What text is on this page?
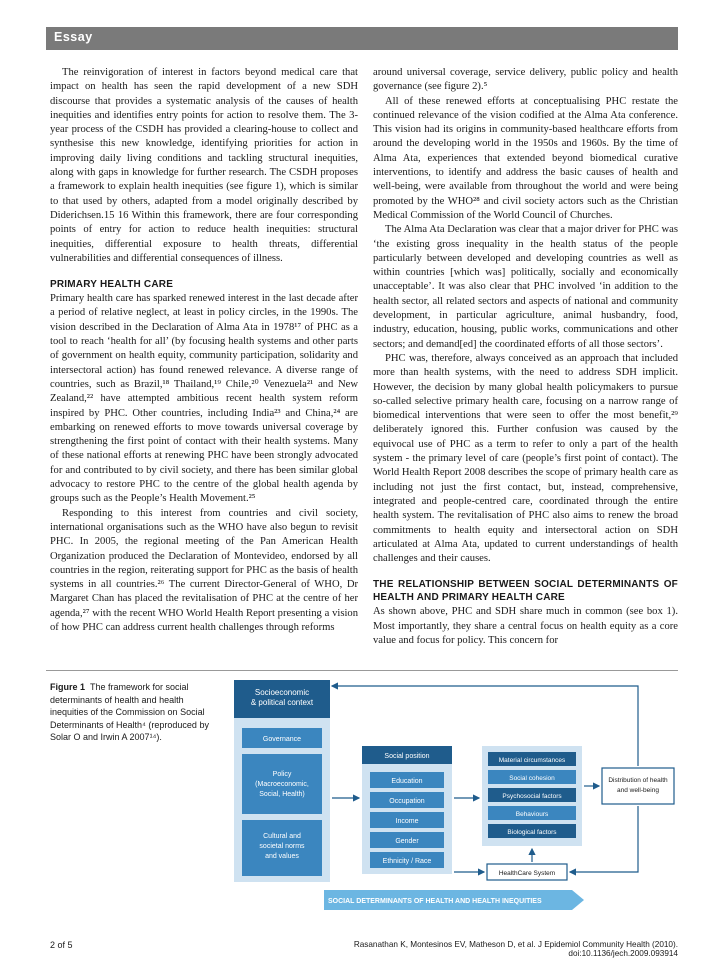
Essay

The reinvigoration of interest in factors beyond medical care that impact on health has seen the rapid development of a new SDH discourse that provides a systematic analysis of the causes of health inequities and identifies entry points for action to resolve them. The 3-year process of the CSDH has provided a clearing-house to collect and synthesise this new knowledge, identifying priorities for action in improving daily living conditions and tackling structural inequities, along with gaps in knowledge for further research. The CSDH proposes a framework to explain health inequities (see figure 1), which is similar to that used by others, adapted from a model originally described by Diderichsen.15 16 Within this framework, there are four corresponding points of entry for action to reduce health inequities: structural inequities, differential exposure to health threats, differential vulnerabilities and differential consequences of illness.

PRIMARY HEALTH CARE

Primary health care has sparked renewed interest in the last decade after a period of relative neglect, at least in policy circles, in the 1990s. The vision described in the Declaration of Alma Ata in 1978¹⁷ of PHC as a tool to reach ‘health for all’ (by focusing health systems and other parts of government on health equity, community participation, solidarity and intersectoral action) has found renewed relevance. A diverse range of countries, such as Brazil,¹⁸ Thailand,¹⁹ Chile,²⁰ Venezuela²¹ and New Zealand,²² have attempted ambitious recent health system reform inspired by PHC. Other countries, including India²³ and China,²⁴ are embarking on renewed efforts to move towards universal coverage by strengthening the first point of contact with their health systems. Many of these national efforts at renewing PHC have been strongly advocated for and contributed to by civil society, and there has been similar global advocacy to restore PHC to the centre of the global health agenda by groups such as the People’s Health Movement.²⁵

Responding to this interest from countries and civil society, international organisations such as the WHO have also begun to revisit PHC. In 2005, the regional meeting of the Pan American Health Organization produced the Declaration of Montevideo, endorsed by all countries in the region, reiterating support for PHC as the basis of health systems in all countries.²⁶ The current Director-General of WHO, Dr Margaret Chan has placed the revitalisation of PHC at the centre of her agenda,²⁷ with the recent WHO World Health Report presenting a vision of how PHC can address current health challenges through reforms

around universal coverage, service delivery, public policy and health governance (see figure 2).⁵

All of these renewed efforts at conceptualising PHC restate the continued relevance of the vision codified at the Alma Ata conference. This vision had its origins in community-based healthcare efforts from around the developing world in the 1950s and 1960s. By the time of Alma Ata, experiences that extended beyond biomedical curative interventions, to identify and address the basic causes of health and well-being, were available from throughout the world and were being promoted by the WHO²⁸ and civil society actors such as the Christian Medical Commission of the World Council of Churches.

The Alma Ata Declaration was clear that a major driver for PHC was ‘the existing gross inequality in the health status of the people particularly between developed and developing countries as well as within countries [which was] politically, socially and economically unacceptable’. It was also clear that PHC involved ‘in addition to the health sector, all related sectors and aspects of national and community development, in particular agriculture, animal husbandry, food, industry, education, housing, public works, communications and other sectors; and demand[ed] the coordinated efforts of all those sectors’.

PHC was, therefore, always conceived as an approach that included more than health systems, with the need to address SDH implicit. However, the decision by many global health policymakers to pursue so-called selective primary health care, focusing on a narrow range of biomedical interventions that were seen to offer the most benefit,²⁹ deliberately ignored this. Further confusion was caused by the equivocal use of PHC as a term to refer to only a part of the health system - the primary level of care (people’s first point of contact). The World Health Report 2008 describes the scope of primary health care as including not just the first contact, but, instead, comprehensive, integrated and people-centred care, coordinated through the entire health system. The revitalisation of PHC also aims to renew the broad commitments to health equity and intersectoral action on SDH articulated at Alma Ata, updated to current understandings of health challenges and their causes.

THE RELATIONSHIP BETWEEN SOCIAL DETERMINANTS OF HEALTH AND PRIMARY HEALTH CARE

As shown above, PHC and SDH share much in common (see box 1). Most importantly, they share a central focus on health equity as a core value and focus for policy. This concern for

Figure 1 The framework for social determinants of health and health inequities of the Commission on Social Determinants of Health⁴ (reproduced by Solar O and Irwin A 2007¹⁴).
Socioeconomic & political context
Governance
Policy (Macroeconomic, Social, Health)
Cultural and societal norms and values
Social position
Education
Occupation
Income
Gender
Ethnicity / Race
Material circumstances
Social cohesion
Psychosocial factors
Behaviours
Biological factors
Distribution of health and well-being
HealthCare System
SOCIAL DETERMINANTS OF HEALTH AND HEALTH INEQUITIES
2 of 5	Rasanathan K, Montesinos EV, Matheson D, et al. J Epidemiol Community Health (2010). doi:10.1136/jech.2009.093914
